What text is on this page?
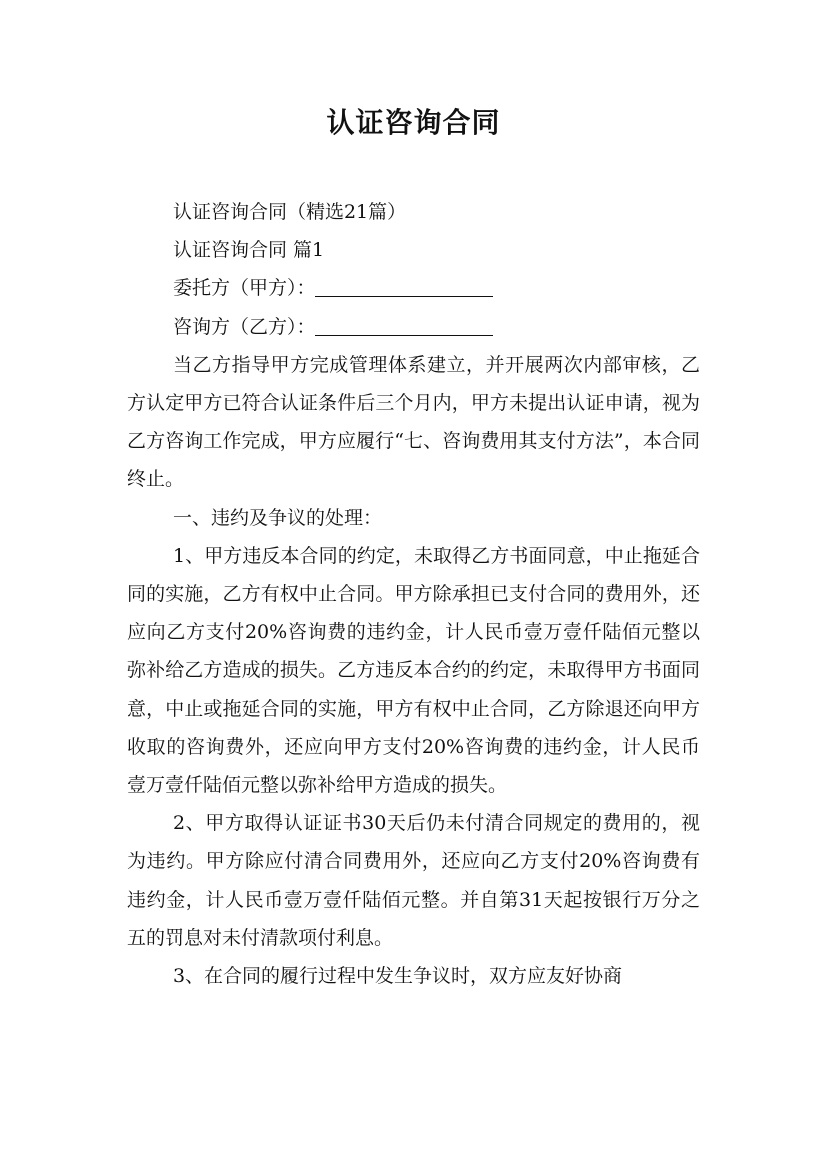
认证咨询合同

认证咨询合同（精选21篇）

认证咨询合同 篇1

委托方（甲方）：

咨询方（乙方）：

当乙方指导甲方完成管理体系建立，并开展两次内部审核，乙方认定甲方已符合认证条件后三个月内，甲方未提出认证申请，视为乙方咨询工作完成，甲方应履行“七、咨询费用其支付方法”，本合同终止。

一、违约及争议的处理：

1、甲方违反本合同的约定，未取得乙方书面同意，中止拖延合同的实施，乙方有权中止合同。甲方除承担已支付合同的费用外，还应向乙方支付20%咨询费的违约金，计人民币壹万壹仟陆佰元整以弥补给乙方造成的损失。乙方违反本合约的约定，未取得甲方书面同意，中止或拖延合同的实施，甲方有权中止合同，乙方除退还向甲方收取的咨询费外，还应向甲方支付20%咨询费的违约金，计人民币壹万壹仟陆佰元整以弥补给甲方造成的损失。

2、甲方取得认证证书30天后仍未付清合同规定的费用的，视为违约。甲方除应付清合同费用外，还应向乙方支付20%咨询费有违约金，计人民币壹万壹仟陆佰元整。并自第31天起按银行万分之五的罚息对未付清款项付利息。

3、在合同的履行过程中发生争议时，双方应友好协商
